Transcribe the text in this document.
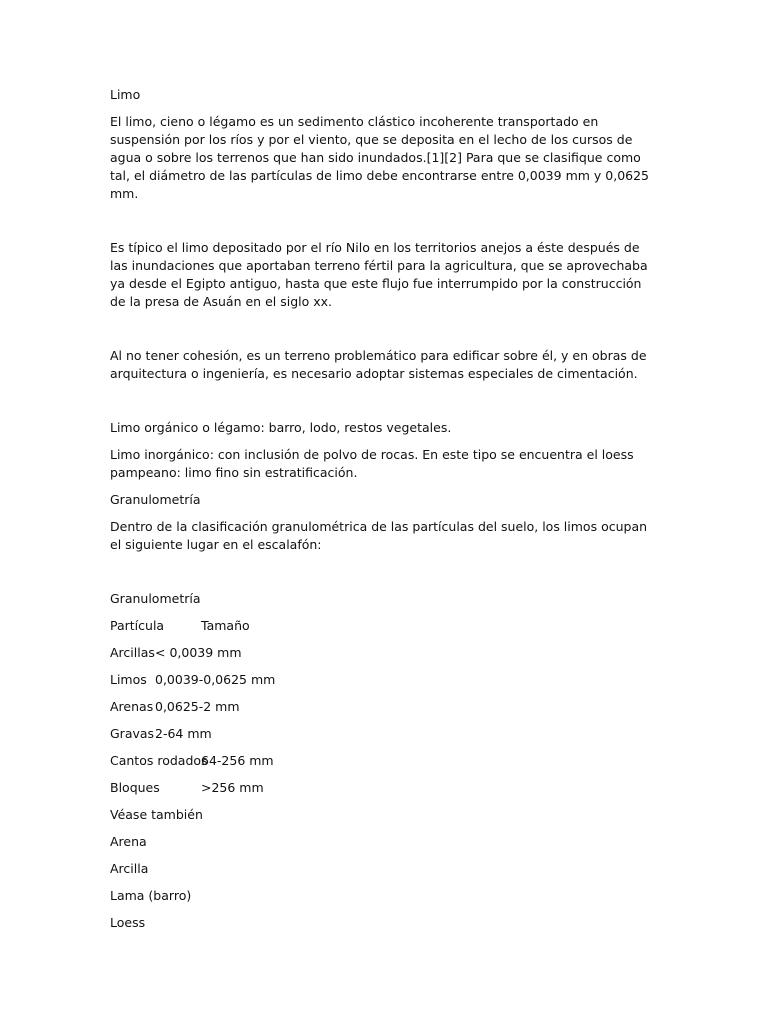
Limo

El limo, cieno o légamo es un sedimento clástico incoherente transportado en suspensión por los ríos y por el viento, que se deposita en el lecho de los cursos de agua o sobre los terrenos que han sido inundados.[1][2] Para que se clasifique como tal, el diámetro de las partículas de limo debe encontrarse entre 0,0039 mm y 0,0625 mm.

Es típico el limo depositado por el río Nilo en los territorios anejos a éste después de las inundaciones que aportaban terreno fértil para la agricultura, que se aprovechaba ya desde el Egipto antiguo, hasta que este flujo fue interrumpido por la construcción de la presa de Asuán en el siglo xx.

Al no tener cohesión, es un terreno problemático para edificar sobre él, y en obras de arquitectura o ingeniería, es necesario adoptar sistemas especiales de cimentación.

Limo orgánico o légamo: barro, lodo, restos vegetales.

Limo inorgánico: con inclusión de polvo de rocas. En este tipo se encuentra el loess pampeano: limo fino sin estratificación.

Granulometría

Dentro de la clasificación granulométrica de las partículas del suelo, los limos ocupan el siguiente lugar en el escalafón:

Granulometría
Partícula	Tamaño
Arcillas < 0,0039 mm
Limos 0,0039-0,0625 mm
Arenas 0,0625-2 mm
Gravas 2-64 mm
Cantos rodados
64-256 mm
Bloques	>256 mm

Véase también

Arena

Arcilla

Lama (barro)

Loess
